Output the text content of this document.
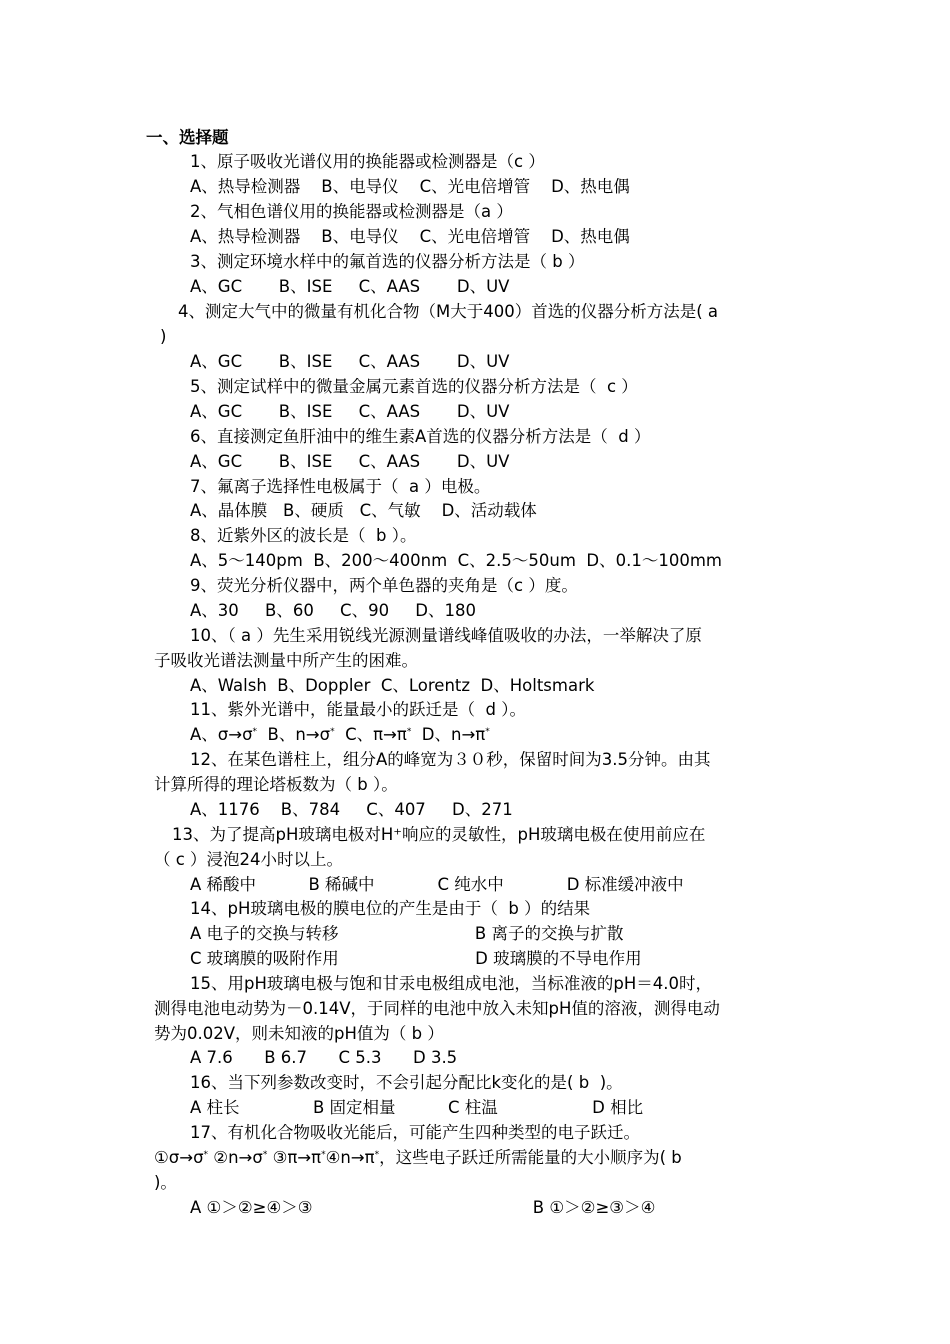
一、选择题
1、原子吸收光谱仪用的换能器或检测器是（c ）
A、热导检测器    B、电导仪    C、光电倍增管    D、热电偶
2、气相色谱仪用的换能器或检测器是（a ）
A、热导检测器    B、电导仪    C、光电倍增管    D、热电偶
3、测定环境水样中的氟首选的仪器分析方法是（ b ）
A、GC       B、ISE     C、AAS       D、UV
4、测定大气中的微量有机化合物（M大于400）首选的仪器分析方法是( a
)
A、GC       B、ISE     C、AAS       D、UV
5、测定试样中的微量金属元素首选的仪器分析方法是（  c ）
A、GC       B、ISE     C、AAS       D、UV
6、直接测定鱼肝油中的维生素A首选的仪器分析方法是（  d ）
A、GC       B、ISE     C、AAS       D、UV
7、氟离子选择性电极属于（  a ）电极。
A、晶体膜   B、硬质   C、气敏    D、活动载体
8、近紫外区的波长是（  b ）。
A、5～140pm  B、200～400nm  C、2.5～50um  D、0.1～100mm
9、荧光分析仪器中，两个单色器的夹角是（c ）度。
A、30     B、60     C、90     D、180
10、（ a ）先生采用锐线光源测量谱线峰值吸收的办法，一举解决了原
子吸收光谱法测量中所产生的困难。
A、Walsh  B、Doppler  C、Lorentz  D、Holtsmark
11、紫外光谱中，能量最小的跃迁是（  d ）。
A、σ→σ*  B、n→σ*  C、π→π*  D、n→π*
12、在某色谱柱上，组分A的峰宽为３０秒，保留时间为3.5分钟。由其
计算所得的理论塔板数为（ b ）。
A、1176    B、784     C、407     D、271
13、为了提高pH玻璃电极对H⁺响应的灵敏性，pH玻璃电极在使用前应在
（ c ）浸泡24小时以上。
A 稀酸中          B 稀碱中            C 纯水中            D 标准缓冲液中
14、pH玻璃电极的膜电位的产生是由于（  b ）的结果
A 电子的交换与转移                          B 离子的交换与扩散
C 玻璃膜的吸附作用                          D 玻璃膜的不导电作用
15、用pH玻璃电极与饱和甘汞电极组成电池，当标准液的pH＝4.0时，
测得电池电动势为－0.14V，于同样的电池中放入未知pH值的溶液，测得电动
势为0.02V，则未知液的pH值为（ b ）
A 7.6      B 6.7      C 5.3      D 3.5
16、当下列参数改变时，不会引起分配比k变化的是( b  )。
A 柱长              B 固定相量          C 柱温                  D 相比
17、有机化合物吸收光能后，可能产生四种类型的电子跃迁。
①σ→σ* ②n→σ* ③π→π*④n→π*，这些电子跃迁所需能量的大小顺序为( b
)。
A ①＞②≥④＞③                                          B ①＞②≥③＞④
